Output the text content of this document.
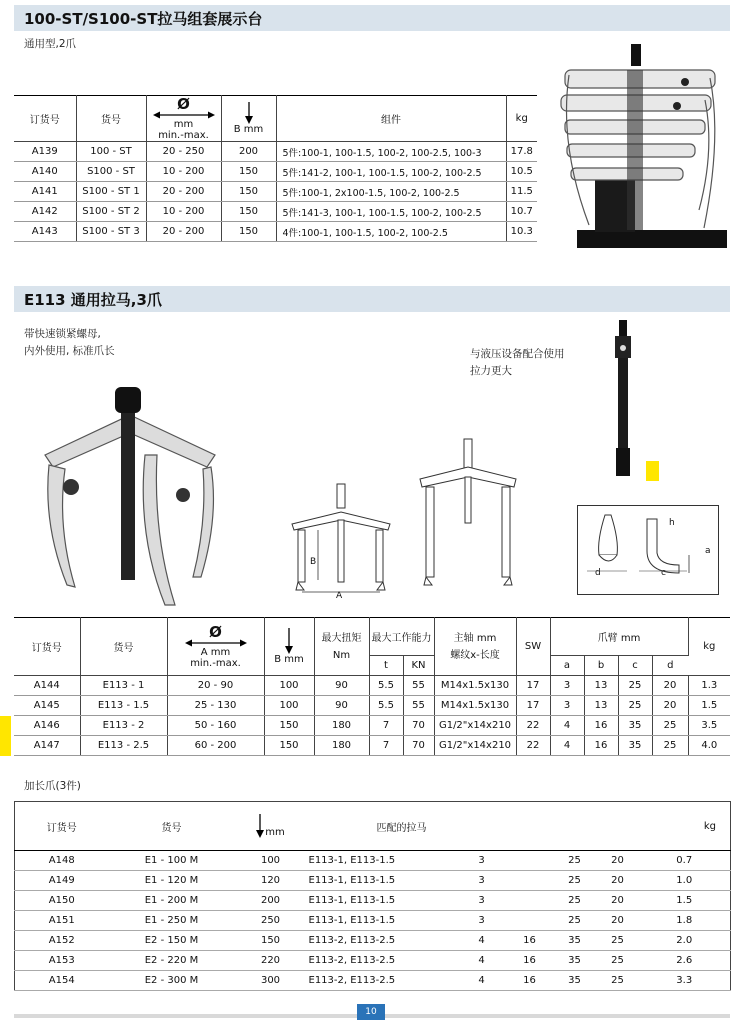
100-ST/S100-ST拉马组套展示台
通用型,2爪
订货号	货号	Ø
mm
min.-max.	B mm	组件	kg
A139	100 - ST	20 - 250	200	5件:100-1, 100-1.5, 100-2, 100-2.5, 100-3	17.8
A140	S100 - ST	10 - 200	150	5件:141-2, 100-1, 100-1.5, 100-2, 100-2.5	10.5
A141	S100 - ST 1	20 - 200	150	5件:100-1, 2x100-1.5, 100-2, 100-2.5	11.5
A142	S100 - ST 2	10 - 200	150	5件:141-3, 100-1, 100-1.5, 100-2, 100-2.5	10.7
A143	S100 - ST 3	20 - 200	150	4件:100-1, 100-1.5, 100-2, 100-2.5	10.3
E113 通用拉马,3爪
带快速锁紧螺母,
内外使用, 标准爪长	与液压设备配合使用
拉力更大
B
A
d
h
a
c
订货号	货号	Ø
A mm
min.-max.	B mm	最大扭矩
Nm	最大工作能力		主轴 mm
螺纹x-长度	SW	爪臂 mm				kg
					t	KN			a	b	c	d	
A144	E113 - 1	20 - 90	100	90	5.5	55	M14x1.5x130	17	3	13	25	20	1.3
A145	E113 - 1.5	25 - 130	100	90	5.5	55	M14x1.5x130	17	3	13	25	20	1.5
A146	E113 - 2	50 - 160	150	180	7	70	G1/2"x14x210	22	4	16	35	25	3.5
A147	E113 - 2.5	60 - 200	150	180	7	70	G1/2"x14x210	22	4	16	35	25	4.0
加长爪(3件)
订货号	货号	mm	匹配的拉马					kg
A148	E1 - 100 M	100	E113-1, E113-1.5	3		25	20	0.7
A149	E1 - 120 M	120	E113-1, E113-1.5	3		25	20	1.0
A150	E1 - 200 M	200	E113-1, E113-1.5	3		25	20	1.5
A151	E1 - 250 M	250	E113-1, E113-1.5	3		25	20	1.8
A152	E2 - 150 M	150	E113-2, E113-2.5	4	16	35	25	2.0
A153	E2 - 220 M	220	E113-2, E113-2.5	4	16	35	25	2.6
A154	E2 - 300 M	300	E113-2, E113-2.5	4	16	35	25	3.3
10
